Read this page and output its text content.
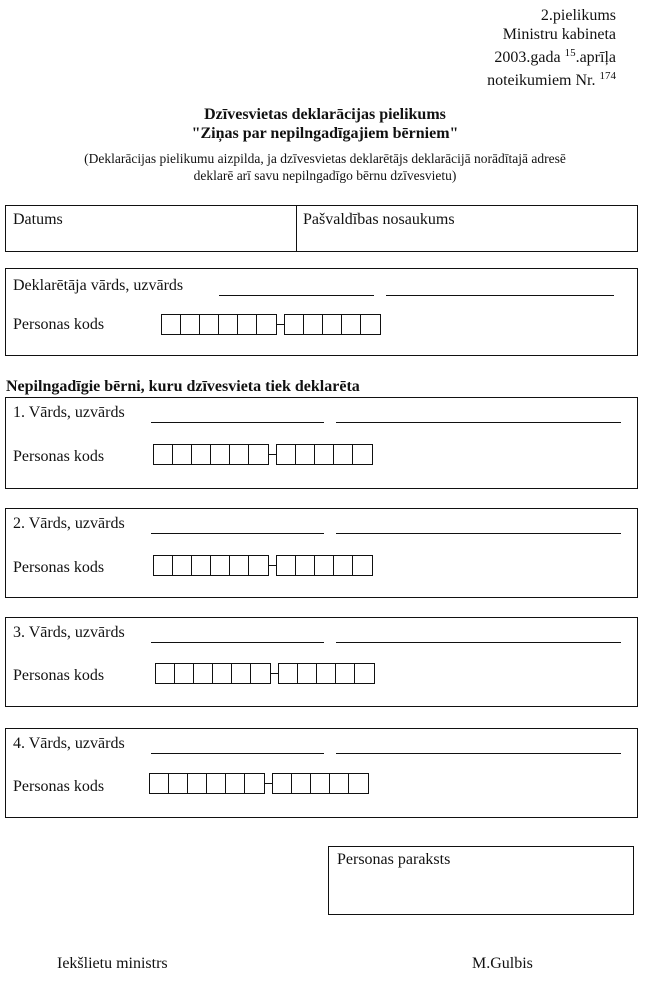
2.pielikums
Ministru kabineta
2003.gada $^{15}$.aprīļa
noteikumiem Nr. $^{174}$
Dzīvesvietas deklarācijas pielikums
"Ziņas par nepilngadīgajiem bērniem"
(Deklarācijas pielikumu aizpilda, ja dzīvesvietas deklarētājs deklarācijā norādītajā adresē
deklarē arī savu nepilngadīgo bērnu dzīvesvietu)
Datums	Pašvaldības nosaukums
Deklarētāja vārds, uzvārds
Personas kods
Nepilngadīgie bērni, kuru dzīvesvieta tiek deklarēta
1. Vārds, uzvārds
Personas kods
2. Vārds, uzvārds
Personas kods
3. Vārds, uzvārds
Personas kods
4. Vārds, uzvārds
Personas kods
Personas paraksts
Iekšlietu ministrs	M.Gulbis
